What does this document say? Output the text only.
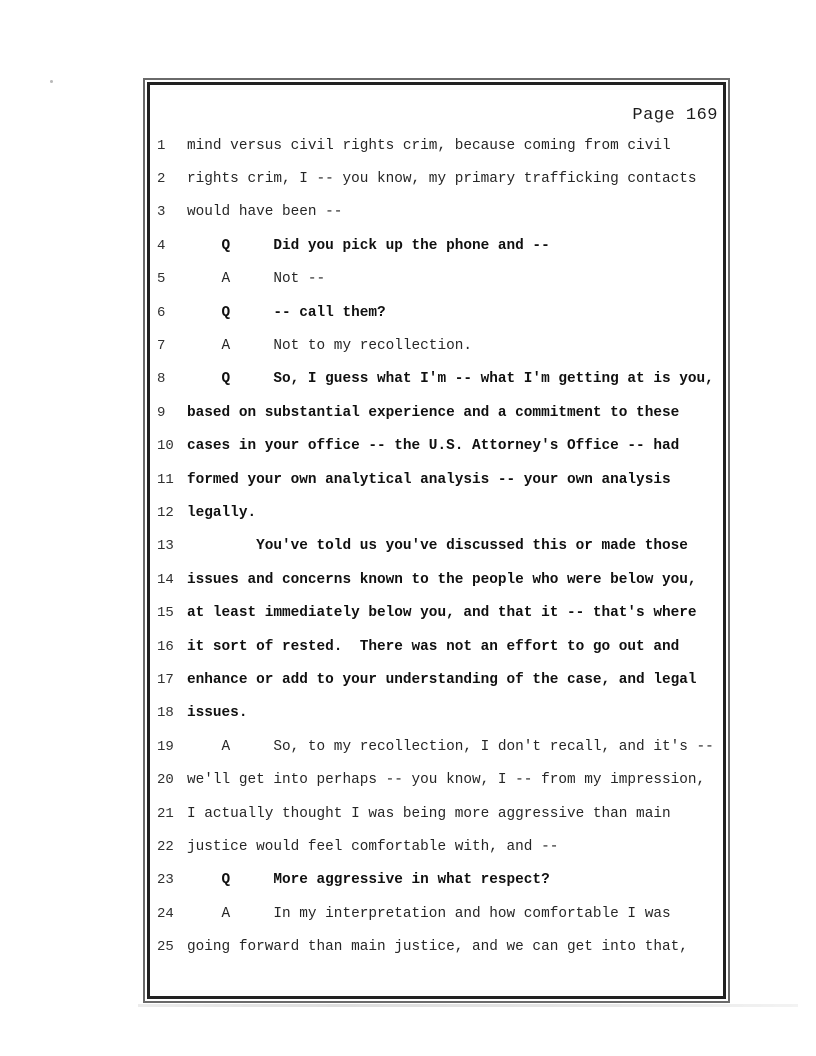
Page 169
1	mind versus civil rights crim, because coming from civil
2	rights crim, I -- you know, my primary trafficking contacts
3	would have been --
4	Q     Did you pick up the phone and --
5	A     Not --
6	Q     -- call them?
7	A     Not to my recollection.
8	Q     So, I guess what I'm -- what I'm getting at is you,
9	based on substantial experience and a commitment to these
10 cases in your office -- the U.S. Attorney's Office -- had
11 formed your own analytical analysis -- your own analysis
12 legally.
13 You've told us you've discussed this or made those
14 issues and concerns known to the people who were below you,
15 at least immediately below you, and that it -- that's where
16 it sort of rested.  There was not an effort to go out and
17 enhance or add to your understanding of the case, and legal
18 issues.
19 A     So, to my recollection, I don't recall, and it's --
20 we'll get into perhaps -- you know, I -- from my impression,
21 I actually thought I was being more aggressive than main
22 justice would feel comfortable with, and --
23 Q     More aggressive in what respect?
24 A     In my interpretation and how comfortable I was
25 going forward than main justice, and we can get into that,
